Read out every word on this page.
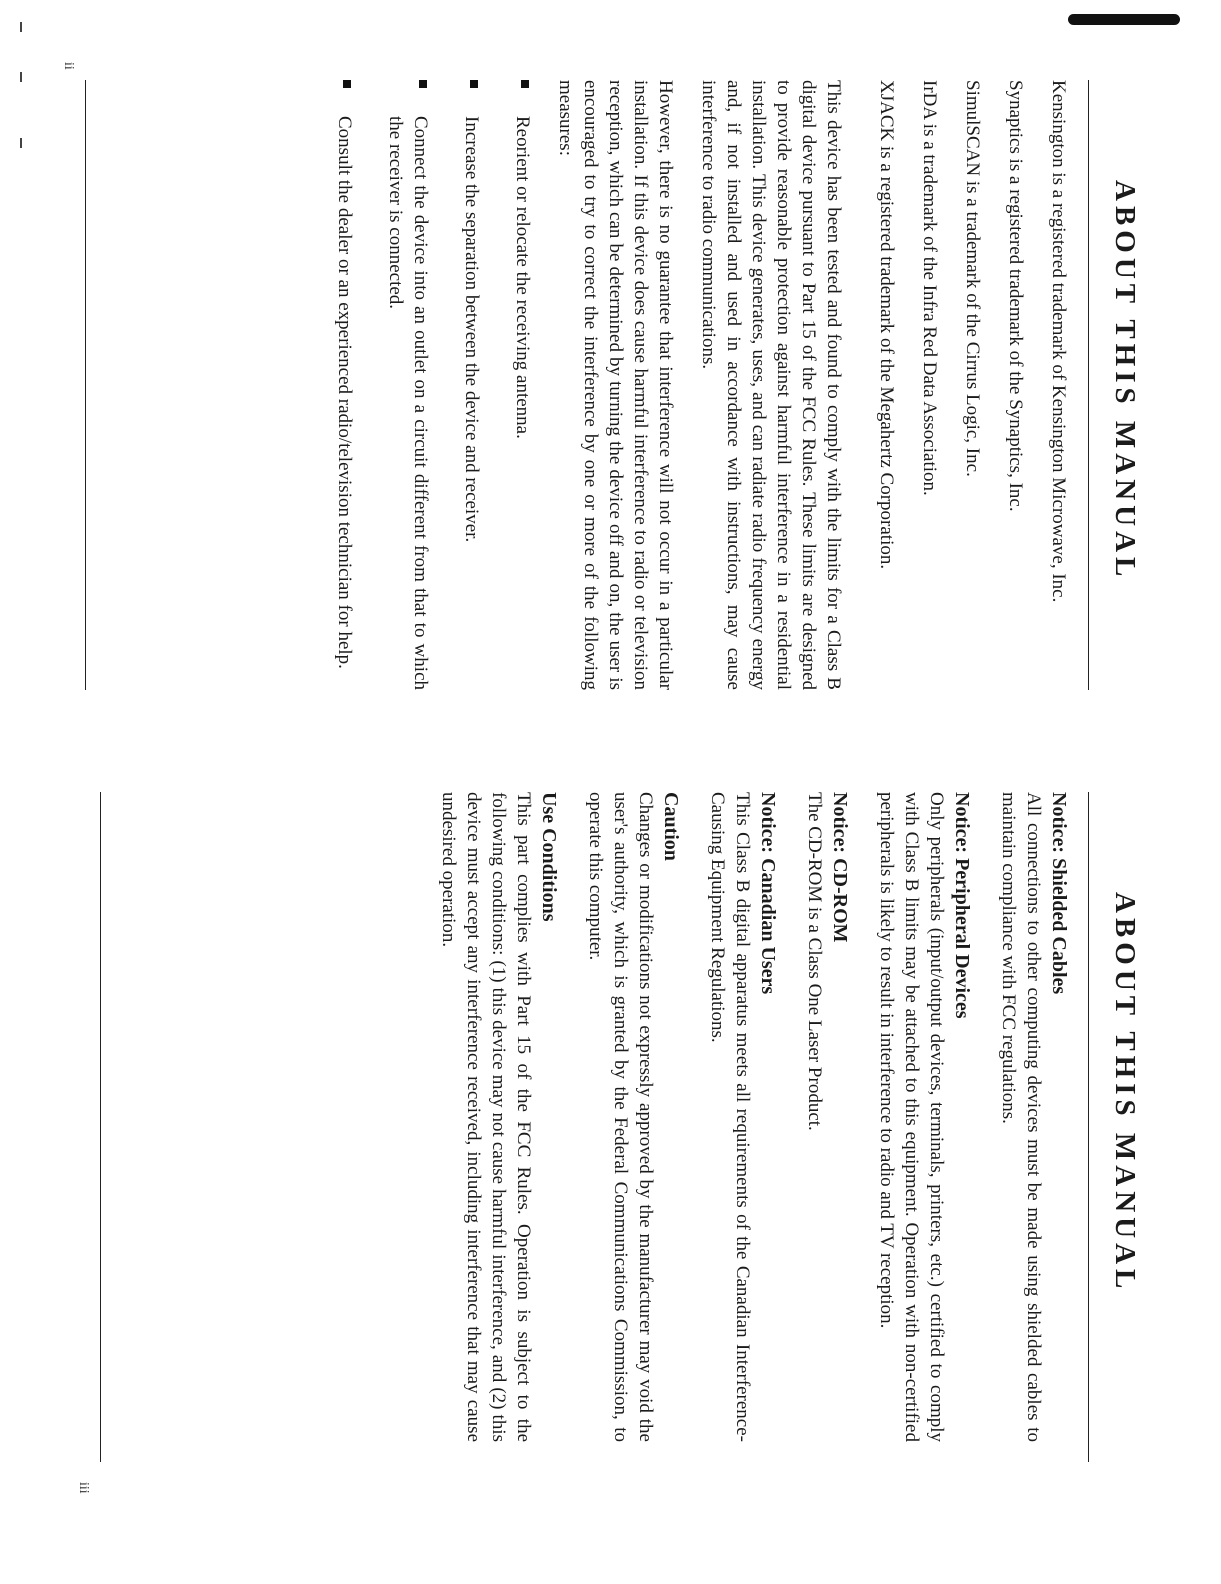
ABOUT THIS MANUAL

Kensington is a registered trademark of Kensington Microwave, Inc.

Synaptics is a registered trademark of the Synaptics, Inc.

SimulSCAN is a trademark of the Cirrus Logic, Inc.

IrDA is a trademark of the Infra Red Data Association.

XJACK is a registered trademark of the Megahertz Corporation.

This device has been tested and found to comply with the limits for a Class B digital device pursuant to Part 15 of the FCC Rules. These limits are designed to provide reasonable protection against harmful interference in a residential installation. This device generates, uses, and can radiate radio frequency energy and, if not installed and used in accordance with instructions, may cause interference to radio communications.

However, there is no guarantee that interference will not occur in a particular installation. If this device does cause harmful interference to radio or television reception, which can be determined by turning the device off and on, the user is encouraged to try to correct the interference by one or more of the following measures:

Reorient or relocate the receiving antenna.
Increase the separation between the device and receiver.
Connect the device into an outlet on a circuit different from that to which the receiver is connected.
Consult the dealer or an experienced radio/television technician for help.
ii
ABOUT THIS MANUAL
Notice: Shielded Cables
All connections to other computing devices must be made using shielded cables to maintain compliance with FCC regulations.
Notice: Peripheral Devices
Only peripherals (input/output devices, terminals, printers, etc.) certified to comply with Class B limits may be attached to this equipment. Operation with non-certified peripherals is likely to result in interference to radio and TV reception.
Notice: CD-ROM
The CD-ROM is a Class One Laser Product.
Notice: Canadian Users
This Class B digital apparatus meets all requirements of the Canadian Interference-Causing Equipment Regulations.
Caution
Changes or modifications not expressly approved by the manufacturer may void the user's authority, which is granted by the Federal Communications Commission, to operate this computer.
Use Conditions
This part complies with Part 15 of the FCC Rules. Operation is subject to the following conditions: (1) this device may not cause harmful interference, and (2) this device must accept any interference received, including interference that may cause undesired operation.
iii
